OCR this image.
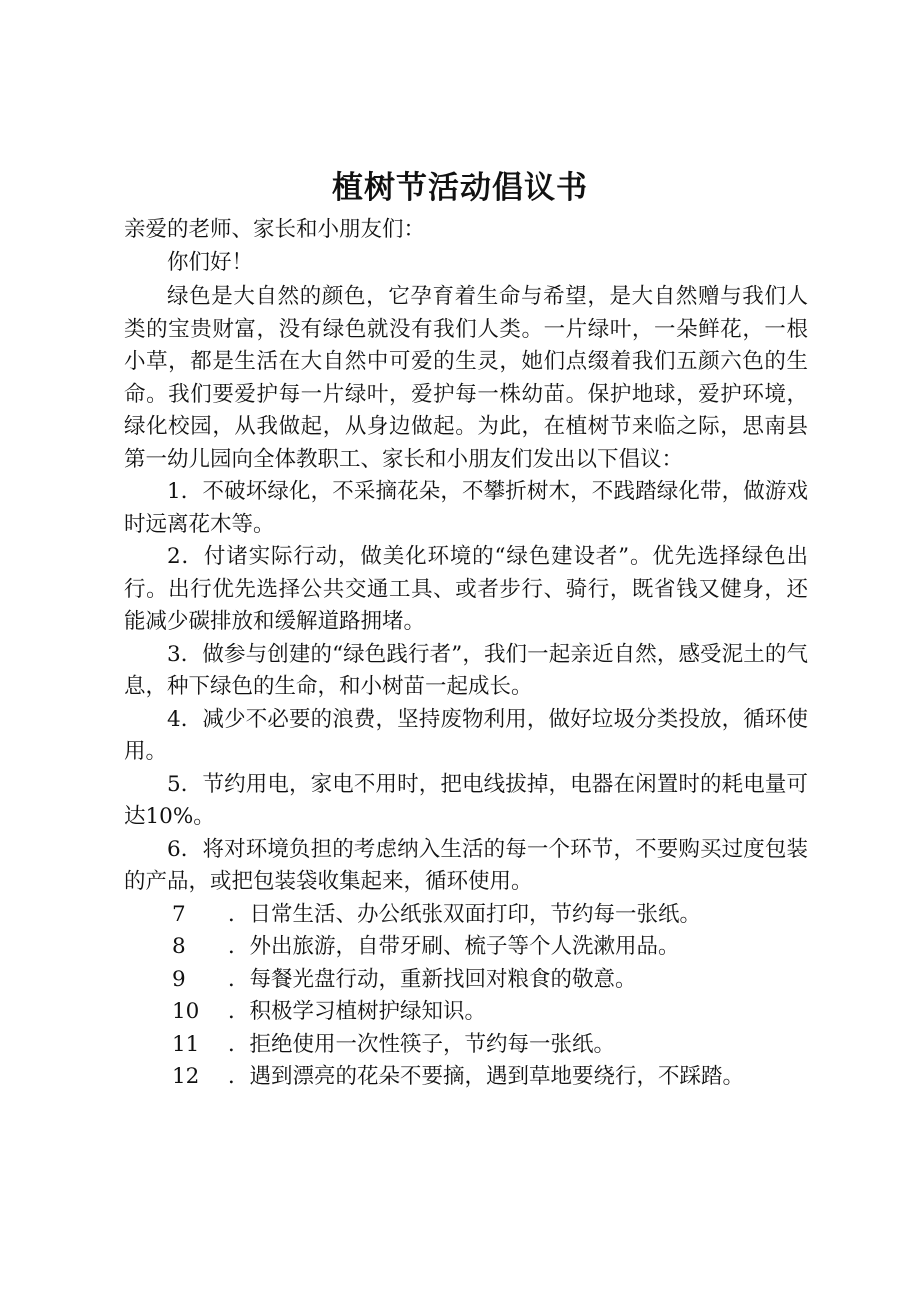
植树节活动倡议书

亲爱的老师、家长和小朋友们：

你们好！

绿色是大自然的颜色，它孕育着生命与希望，是大自然赠与我们人类的宝贵财富，没有绿色就没有我们人类。一片绿叶，一朵鲜花，一根小草，都是生活在大自然中可爱的生灵，她们点缀着我们五颜六色的生命。我们要爱护每一片绿叶，爱护每一株幼苗。保护地球，爱护环境，绿化校园，从我做起，从身边做起。为此，在植树节来临之际，思南县第一幼儿园向全体教职工、家长和小朋友们发出以下倡议：

1．不破坏绿化，不采摘花朵，不攀折树木，不践踏绿化带，做游戏时远离花木等。

2．付诸实际行动，做美化环境的“绿色建设者”。优先选择绿色出行。出行优先选择公共交通工具、或者步行、骑行，既省钱又健身，还能减少碳排放和缓解道路拥堵。

3．做参与创建的“绿色践行者”，我们一起亲近自然，感受泥土的气息，种下绿色的生命，和小树苗一起成长。

4．减少不必要的浪费，坚持废物利用，做好垃圾分类投放，循环使用。

5．节约用电，家电不用时，把电线拔掉，电器在闲置时的耗电量可达10%。

6．将对环境负担的考虑纳入生活的每一个环节，不要购买过度包装的产品，或把包装袋收集起来，循环使用。

7	．日常生活、办公纸张双面打印，节约每一张纸。
8	．外出旅游，自带牙刷、梳子等个人洗漱用品。
9	．每餐光盘行动，重新找回对粮食的敬意。
10	．积极学习植树护绿知识。
11	．拒绝使用一次性筷子，节约每一张纸。
12	．遇到漂亮的花朵不要摘，遇到草地要绕行，不踩踏。
